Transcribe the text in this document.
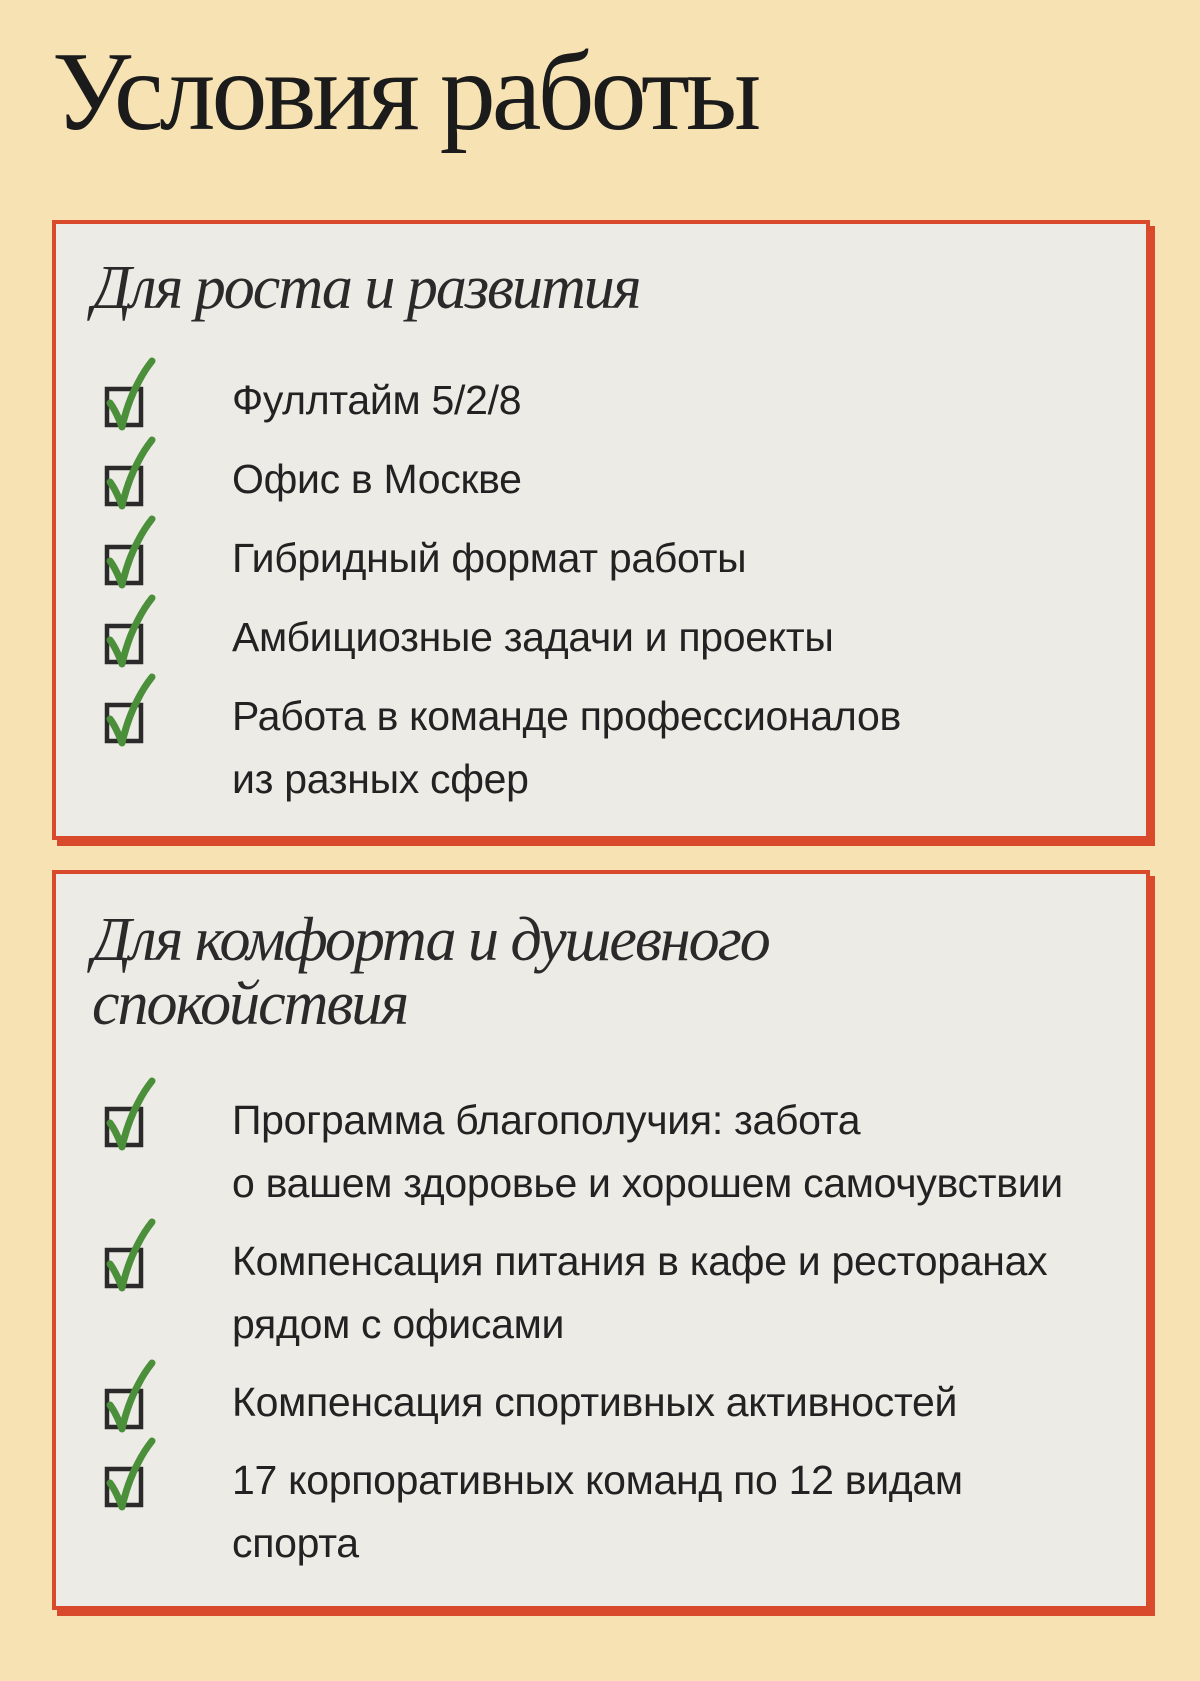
Условия работы
Для роста и развития
Фуллтайм 5/2/8
Офис в Москве
Гибридный формат работы
Амбициозные задачи и проекты
Работа в команде профессионалов
из разных сфер
Для комфорта и душевного
спокойствия
Программа благополучия: забота
о вашем здоровье и хорошем самочувствии
Компенсация питания в кафе и ресторанах
рядом с офисами
Компенсация спортивных активностей
17 корпоративных команд по 12 видам
спорта
